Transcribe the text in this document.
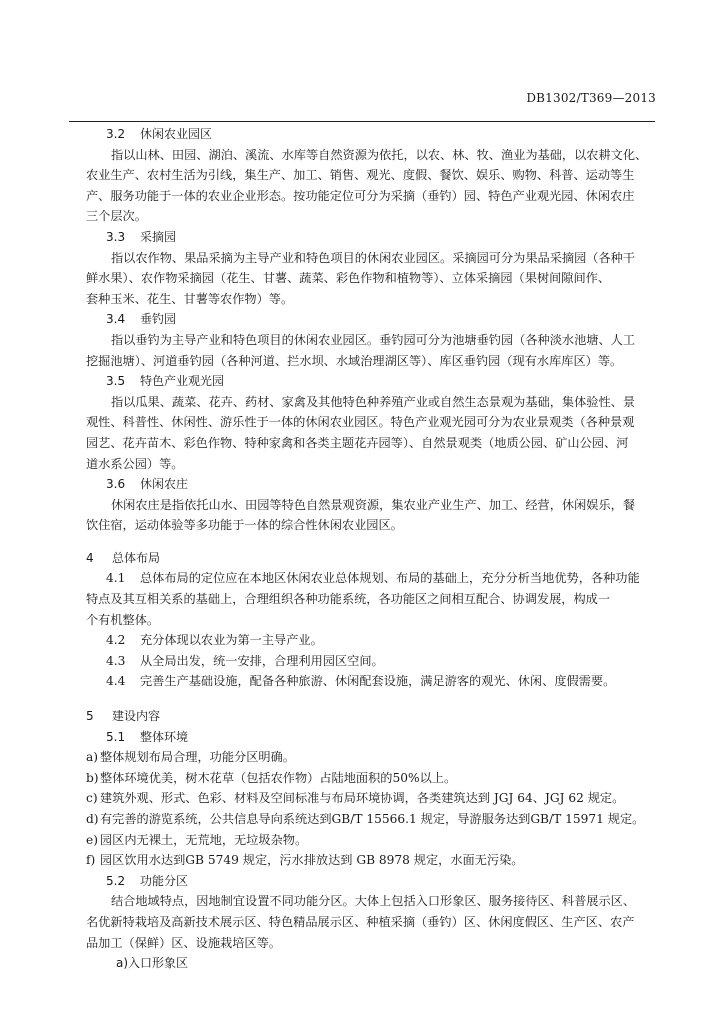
DB1302/T369—2013

3.2 休闲农业园区

指以山林、田园、湖泊、溪流、水库等自然资源为依托，以农、林、牧、渔业为基础，以农耕文化、

农业生产、农村生活为引线，集生产、加工、销售、观光、度假、餐饮、娱乐、购物、科普、运动等生

产、服务功能于一体的农业企业形态。按功能定位可分为采摘（垂钓）园、特色产业观光园、休闲农庄

三个层次。

3.3 采摘园

指以农作物、果品采摘为主导产业和特色项目的休闲农业园区。采摘园可分为果品采摘园（各种干

鲜水果）、农作物采摘园（花生、甘薯、蔬菜、彩色作物和植物等）、立体采摘园（果树间隙间作、

套种玉米、花生、甘薯等农作物）等。

3.4 垂钓园

指以垂钓为主导产业和特色项目的休闲农业园区。垂钓园可分为池塘垂钓园（各种淡水池塘、人工

挖掘池塘）、河道垂钓园（各种河道、拦水坝、水域治理湖区等）、库区垂钓园（现有水库库区）等。

3.5 特色产业观光园

指以瓜果、蔬菜、花卉、药材、家禽及其他特色种养殖产业或自然生态景观为基础，集体验性、景

观性、科普性、休闲性、游乐性于一体的休闲农业园区。特色产业观光园可分为农业景观类（各种景观

园艺、花卉苗木、彩色作物、特种家禽和各类主题花卉园等）、自然景观类（地质公园、矿山公园、河

道水系公园）等。

3.6 休闲农庄

休闲农庄是指依托山水、田园等特色自然景观资源，集农业产业生产、加工、经营，休闲娱乐，餐

饮住宿，运动体验等多功能于一体的综合性休闲农业园区。

4 总体布局

4.1 总体布局的定位应在本地区休闲农业总体规划、布局的基础上，充分分析当地优势，各种功能

特点及其互相关系的基础上，合理组织各种功能系统，各功能区之间相互配合、协调发展，构成一

个有机整体。

4.2 充分体现以农业为第一主导产业。

4.3 从全局出发，统一安排，合理利用园区空间。

4.4 完善生产基础设施，配备各种旅游、休闲配套设施，满足游客的观光、休闲、度假需要。

5 建设内容

5.1 整体环境

a) 整体规划布局合理，功能分区明确。

b)整体环境优美，树木花草（包括农作物）占陆地面积的50%以上。

c) 建筑外观、形式、色彩、材料及空间标准与布局环境协调，各类建筑达到 JGJ 64、JGJ 62 规定。

d)有完善的游览系统，公共信息导向系统达到GB/T 15566.1 规定，导游服务达到GB/T 15971 规定。

e) 园区内无裸土，无荒地，无垃圾杂物。

f) 园区饮用水达到GB 5749 规定，污水排放达到 GB 8978 规定，水面无污染。

5.2 功能分区

结合地域特点，因地制宜设置不同功能分区。大体上包括入口形象区、服务接待区、科普展示区、

名优新特栽培及高新技术展示区、特色精品展示区、种植采摘（垂钓）区、休闲度假区、生产区、农产

品加工（保鲜）区、设施栽培区等。

a)入口形象区
